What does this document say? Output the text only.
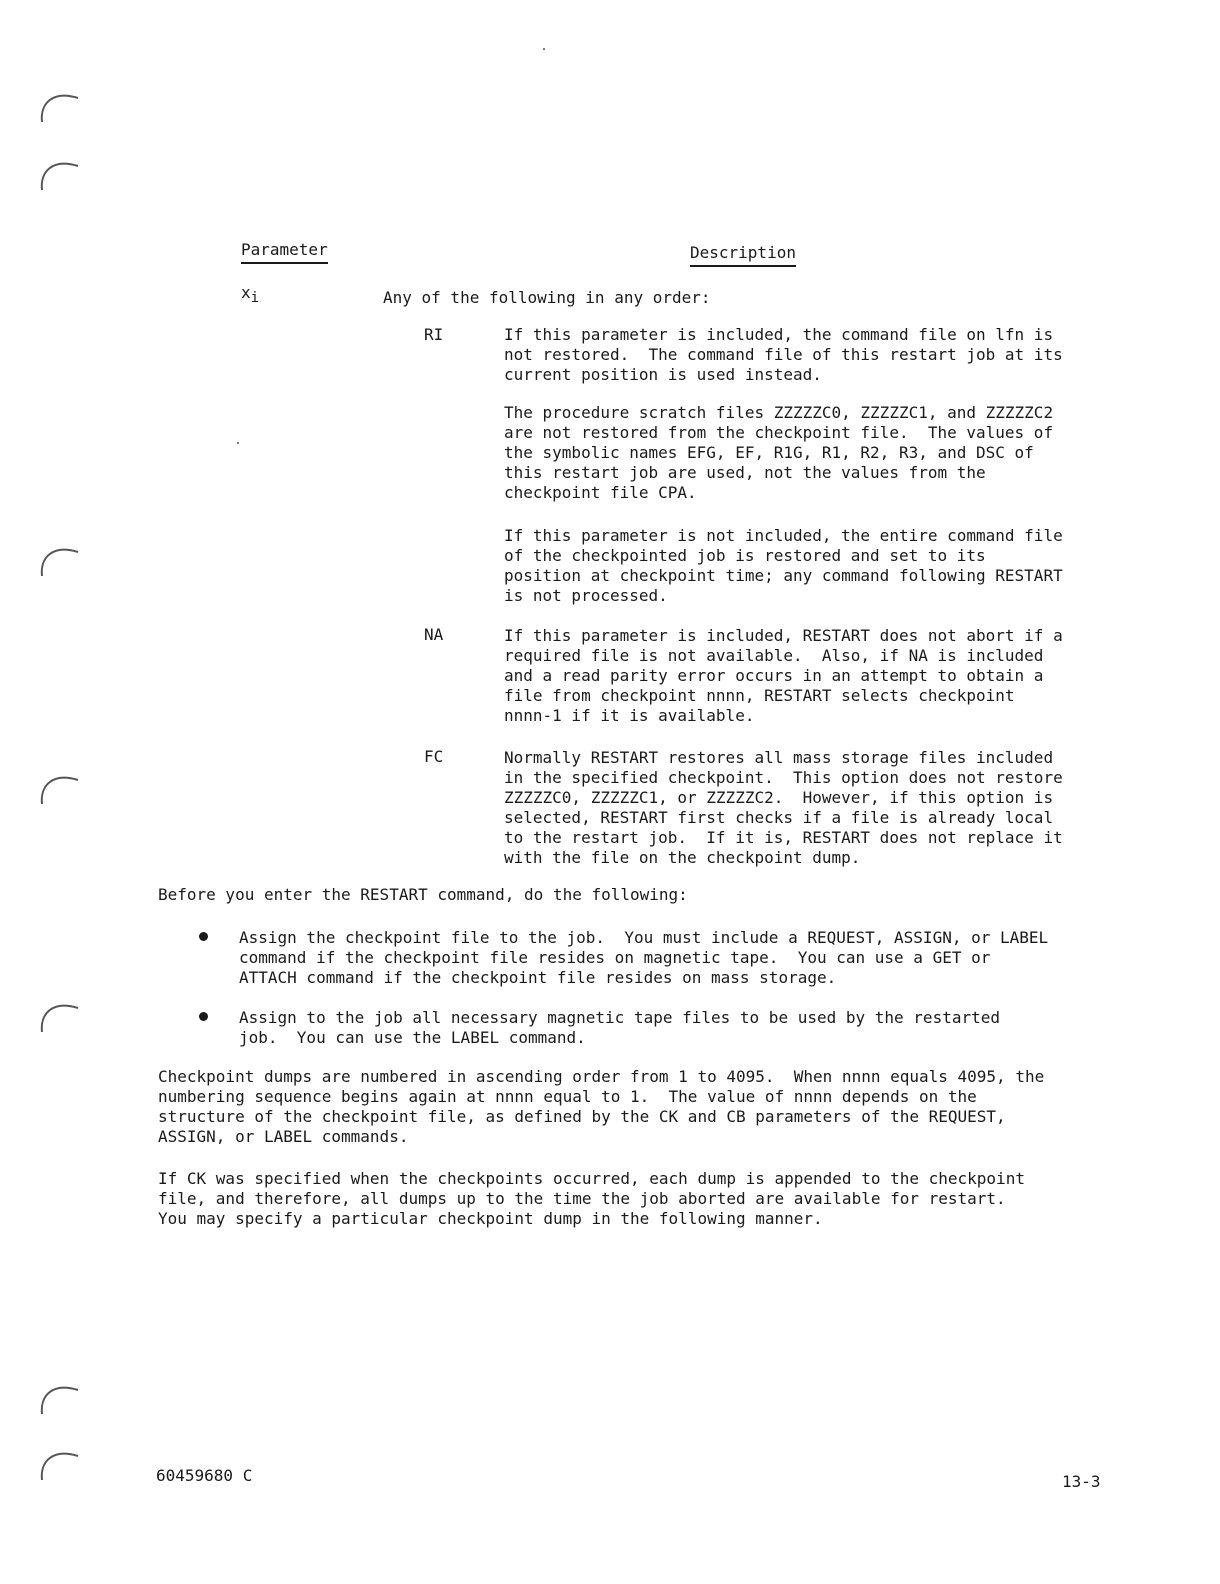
Parameter	Description
$x_i$	Any of the following in any order:
RI	If this parameter is included, the command file on lfn is
not restored.  The command file of this restart job at its
current position is used instead.
The procedure scratch files ZZZZZC0, ZZZZZC1, and ZZZZZC2
are not restored from the checkpoint file.  The values of
the symbolic names EFG, EF, R1G, R1, R2, R3, and DSC of
this restart job are used, not the values from the
checkpoint file CPA.
If this parameter is not included, the entire command file
of the checkpointed job is restored and set to its
position at checkpoint time; any command following RESTART
is not processed.
NA	If this parameter is included, RESTART does not abort if a
required file is not available.  Also, if NA is included
and a read parity error occurs in an attempt to obtain a
file from checkpoint nnnn, RESTART selects checkpoint
nnnn-1 if it is available.
FC	Normally RESTART restores all mass storage files included
in the specified checkpoint.  This option does not restore
ZZZZZC0, ZZZZZC1, or ZZZZZC2.  However, if this option is
selected, RESTART first checks if a file is already local
to the restart job.  If it is, RESTART does not replace it
with the file on the checkpoint dump.
Before you enter the RESTART command, do the following:
Assign the checkpoint file to the job.  You must include a REQUEST, ASSIGN, or LABEL
command if the checkpoint file resides on magnetic tape.  You can use a GET or
ATTACH command if the checkpoint file resides on mass storage.
Assign to the job all necessary magnetic tape files to be used by the restarted
job.  You can use the LABEL command.
Checkpoint dumps are numbered in ascending order from 1 to 4095.  When nnnn equals 4095, the
numbering sequence begins again at nnnn equal to 1.  The value of nnnn depends on the
structure of the checkpoint file, as defined by the CK and CB parameters of the REQUEST,
ASSIGN, or LABEL commands.
If CK was specified when the checkpoints occurred, each dump is appended to the checkpoint
file, and therefore, all dumps up to the time the job aborted are available for restart.
You may specify a particular checkpoint dump in the following manner.
60459680 C	13-3
